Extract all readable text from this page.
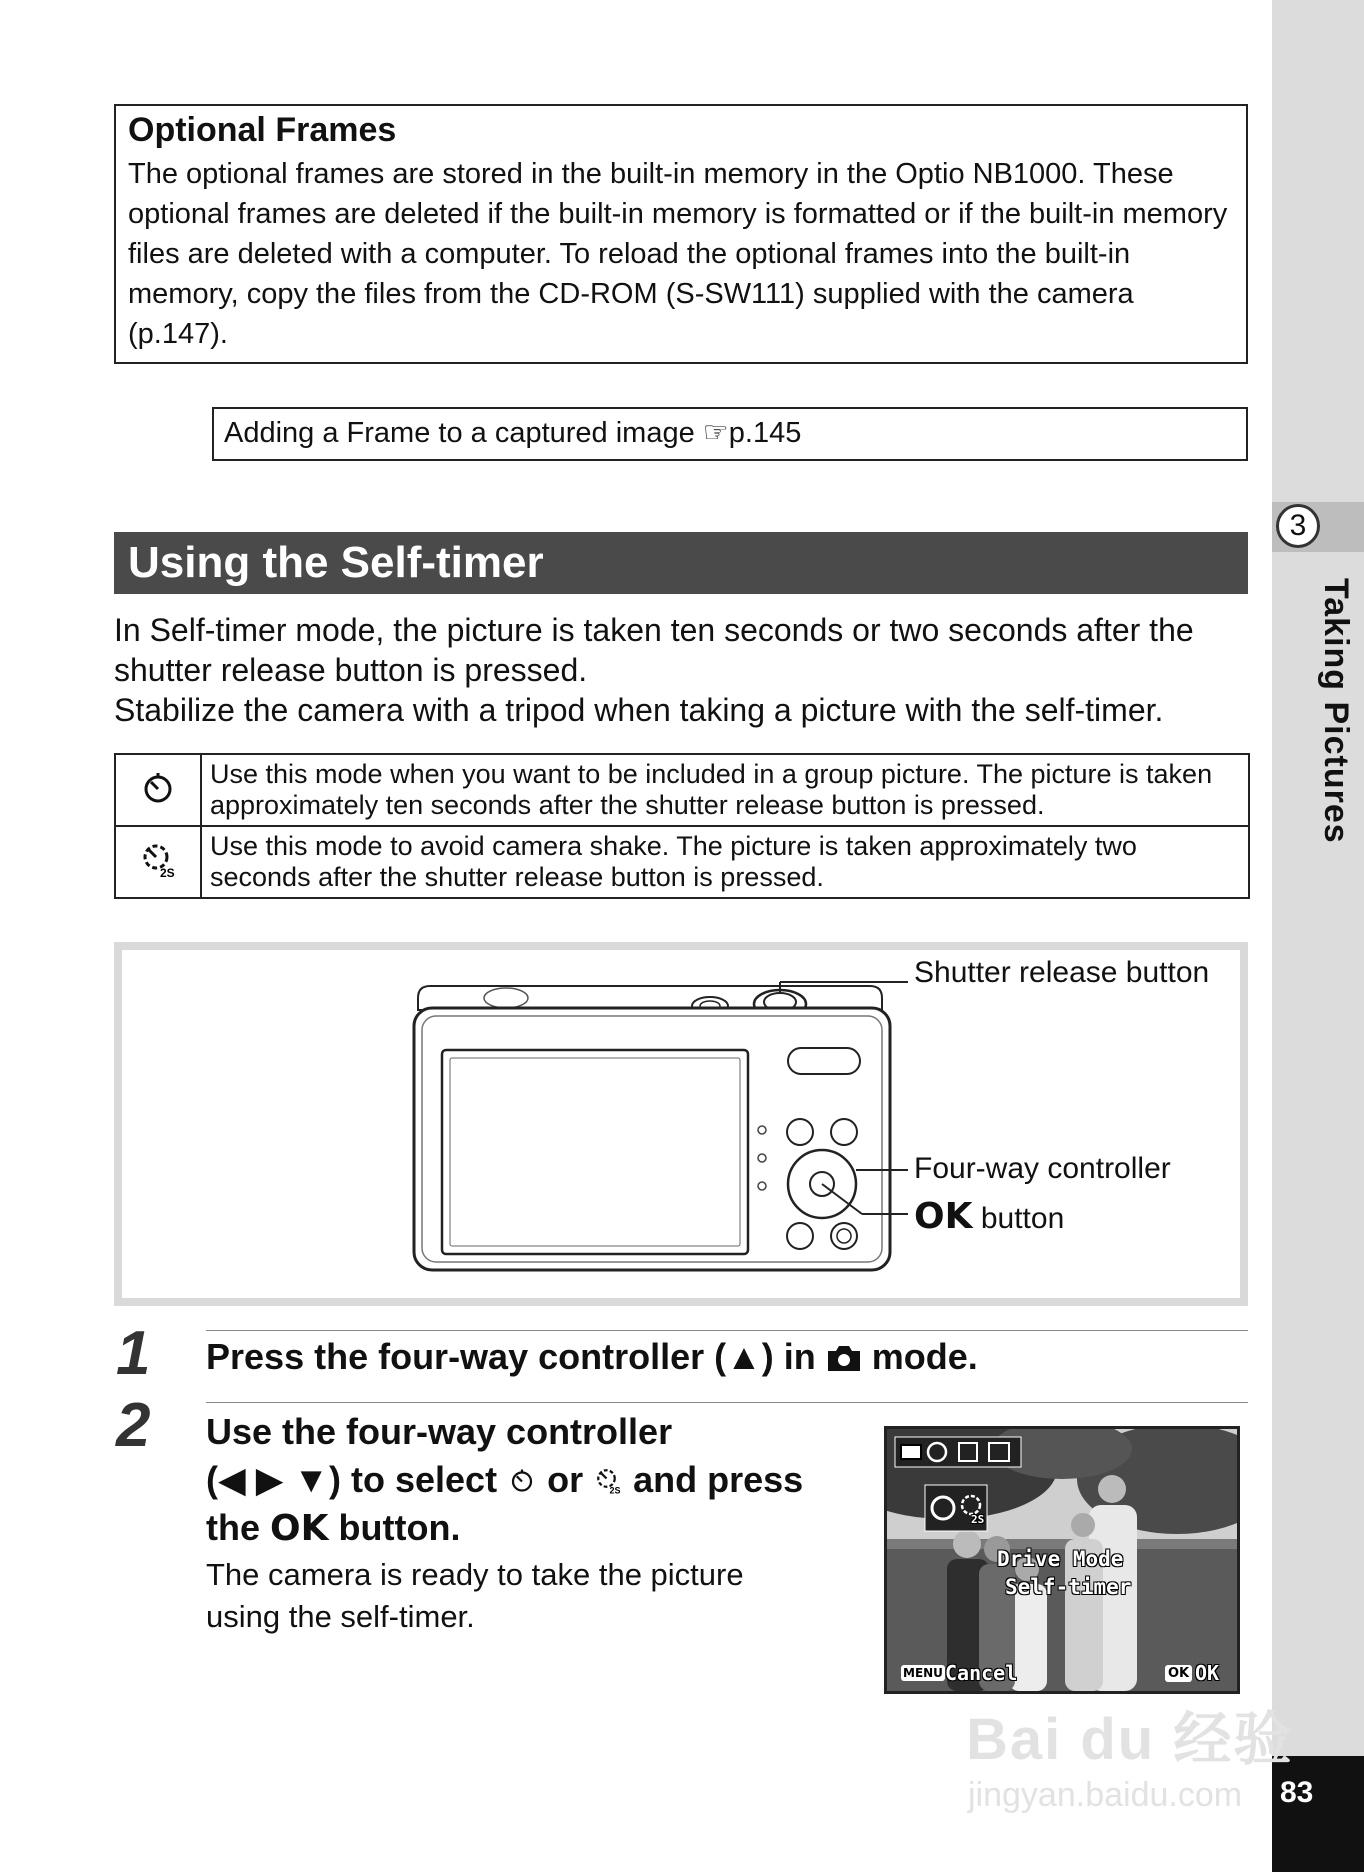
3
Taking Pictures
83

Optional Frames

The optional frames are stored in the built-in memory in the Optio NB1000. These optional frames are deleted if the built-in memory is formatted or if the built-in memory files are deleted with a computer. To reload the optional frames into the built-in memory, copy the files from the CD-ROM (S-SW111) supplied with the camera (p.147).

Adding a Frame to a captured image ☞p.145
Using the Self-timer

In Self-timer mode, the picture is taken ten seconds or two seconds after the shutter release button is pressed.

Stabilize the camera with a tripod when taking a picture with the self-timer.

	Use this mode when you want to be included in a group picture. The picture is taken approximately ten seconds after the shutter release button is pressed.

2S	Use this mode to avoid camera shake. The picture is taken approximately two seconds after the shutter release button is pressed.
Shutter release button
Four-way controller
OK button
1 Press the four-way controller (▲) in  mode.
2 Use the four-way controller
(◀ ▶ ▼) to select  or 2S and press
the OK button.

The camera is ready to take the picture

using the self-timer.

2S
Drive Mode
Self-timer
MENU Cancel	OK OK
Bai du 经验
jingyan.baidu.com
